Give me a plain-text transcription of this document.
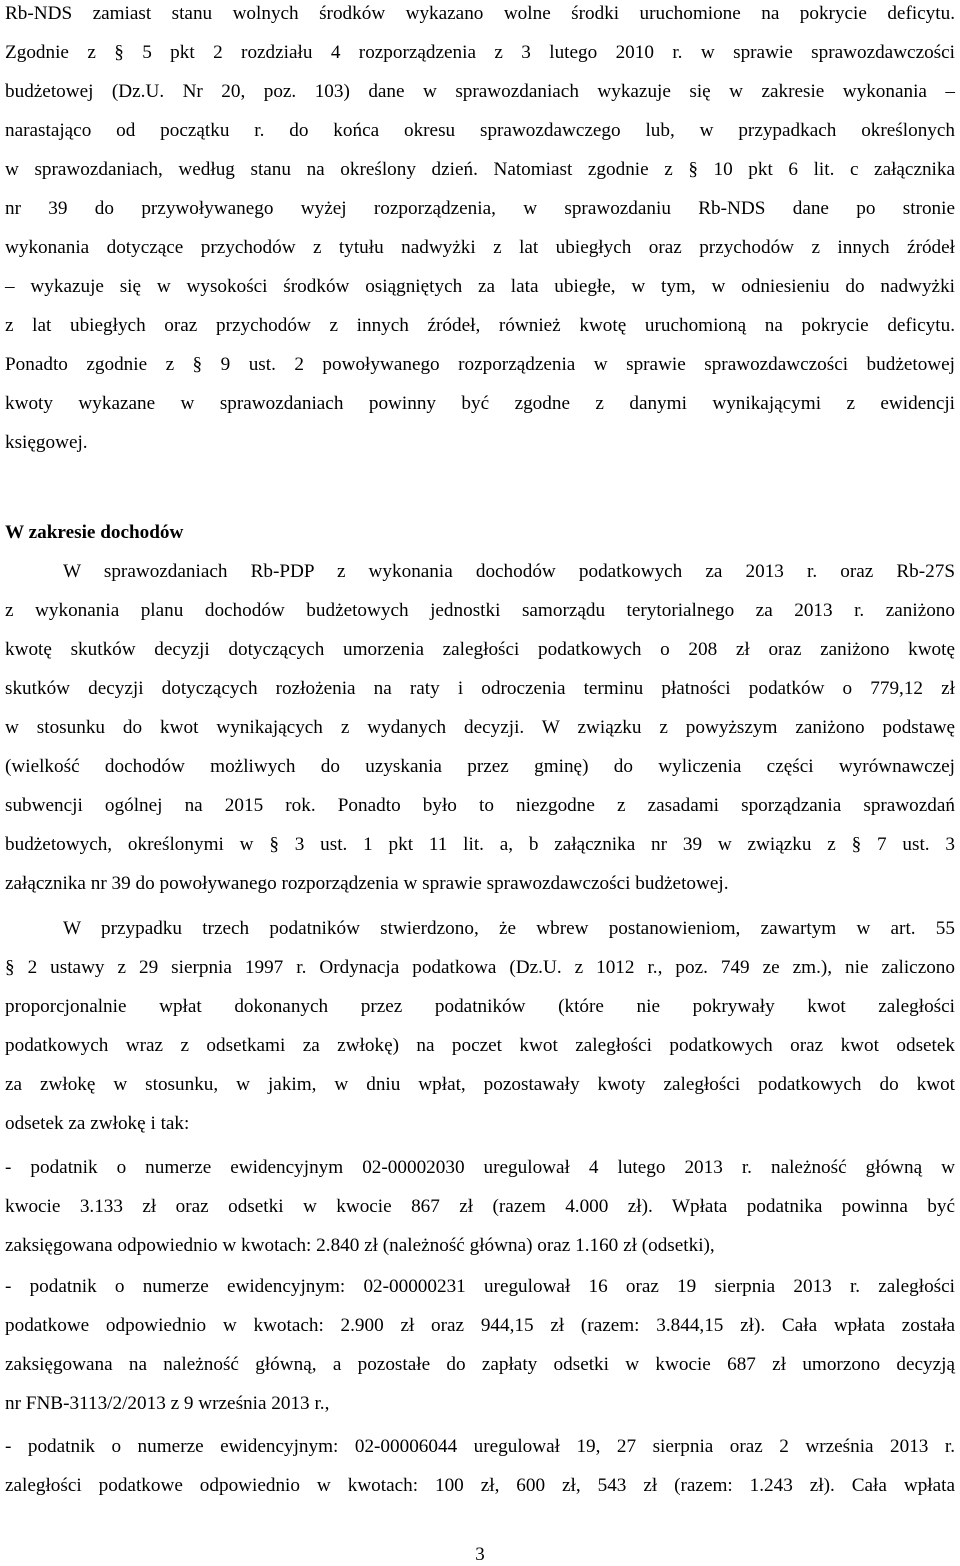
Rb-NDS zamiast stanu wolnych środków wykazano wolne środki uruchomione na pokrycie deficytu.
Zgodnie z § 5 pkt 2 rozdziału 4 rozporządzenia z 3 lutego 2010 r. w sprawie sprawozdawczości
budżetowej (Dz.U. Nr 20, poz. 103) dane w sprawozdaniach wykazuje się w zakresie wykonania –
narastająco od początku r. do końca okresu sprawozdawczego lub, w przypadkach określonych
w sprawozdaniach, według stanu na określony dzień. Natomiast zgodnie z § 10 pkt 6 lit. c załącznika
nr 39 do przywoływanego wyżej rozporządzenia, w sprawozdaniu Rb-NDS dane po stronie
wykonania dotyczące przychodów z tytułu nadwyżki z lat ubiegłych oraz przychodów z innych źródeł
– wykazuje się w wysokości środków osiągniętych za lata ubiegłe, w tym, w odniesieniu do nadwyżki
z lat ubiegłych oraz przychodów z innych źródeł, również kwotę uruchomioną na pokrycie deficytu.
Ponadto zgodnie z § 9 ust. 2 powoływanego rozporządzenia w sprawie sprawozdawczości budżetowej
kwoty wykazane w sprawozdaniach powinny być zgodne z danymi wynikającymi z ewidencji
księgowej.
W zakresie dochodów
W sprawozdaniach Rb-PDP z wykonania dochodów podatkowych za 2013 r. oraz Rb-27S
z wykonania planu dochodów budżetowych jednostki samorządu terytorialnego za 2013 r. zaniżono
kwotę skutków decyzji dotyczących umorzenia zaległości podatkowych o 208 zł oraz zaniżono kwotę
skutków decyzji dotyczących rozłożenia na raty i odroczenia terminu płatności podatków o 779,12 zł
w stosunku do kwot wynikających z wydanych decyzji. W związku z powyższym zaniżono podstawę
(wielkość dochodów możliwych do uzyskania przez gminę) do wyliczenia części wyrównawczej
subwencji ogólnej na 2015 rok. Ponadto było to niezgodne z zasadami sporządzania sprawozdań
budżetowych, określonymi w § 3 ust. 1 pkt 11 lit. a, b załącznika nr 39 w związku z § 7 ust. 3
załącznika nr 39 do powoływanego rozporządzenia w sprawie sprawozdawczości budżetowej.
W przypadku trzech podatników stwierdzono, że wbrew postanowieniom, zawartym w art. 55
§ 2 ustawy z 29 sierpnia 1997 r. Ordynacja podatkowa (Dz.U. z 1012 r., poz. 749 ze zm.), nie zaliczono
proporcjonalnie wpłat dokonanych przez podatników (które nie pokrywały kwot zaległości
podatkowych wraz z odsetkami za zwłokę) na poczet kwot zaległości podatkowych oraz kwot odsetek
za zwłokę w stosunku, w jakim, w dniu wpłat, pozostawały kwoty zaległości podatkowych do kwot
odsetek za zwłokę i tak:
- podatnik o numerze ewidencyjnym 02-00002030 uregulował 4 lutego 2013 r. należność główną w
kwocie 3.133 zł oraz odsetki w kwocie 867 zł (razem 4.000 zł). Wpłata podatnika powinna być
zaksięgowana odpowiednio w kwotach: 2.840 zł (należność główna) oraz 1.160 zł (odsetki),
- podatnik o numerze ewidencyjnym: 02-00000231 uregulował 16 oraz 19 sierpnia 2013 r. zaległości
podatkowe odpowiednio w kwotach: 2.900 zł oraz 944,15 zł (razem: 3.844,15 zł). Cała wpłata została
zaksięgowana na należność główną, a pozostałe do zapłaty odsetki w kwocie 687 zł umorzono decyzją
nr FNB-3113/2/2013 z 9 września 2013 r.,
- podatnik o numerze ewidencyjnym: 02-00006044 uregulował 19, 27 sierpnia oraz 2 września 2013 r.
zaległości podatkowe odpowiednio w kwotach: 100 zł, 600 zł, 543 zł (razem: 1.243 zł). Cała wpłata
3
